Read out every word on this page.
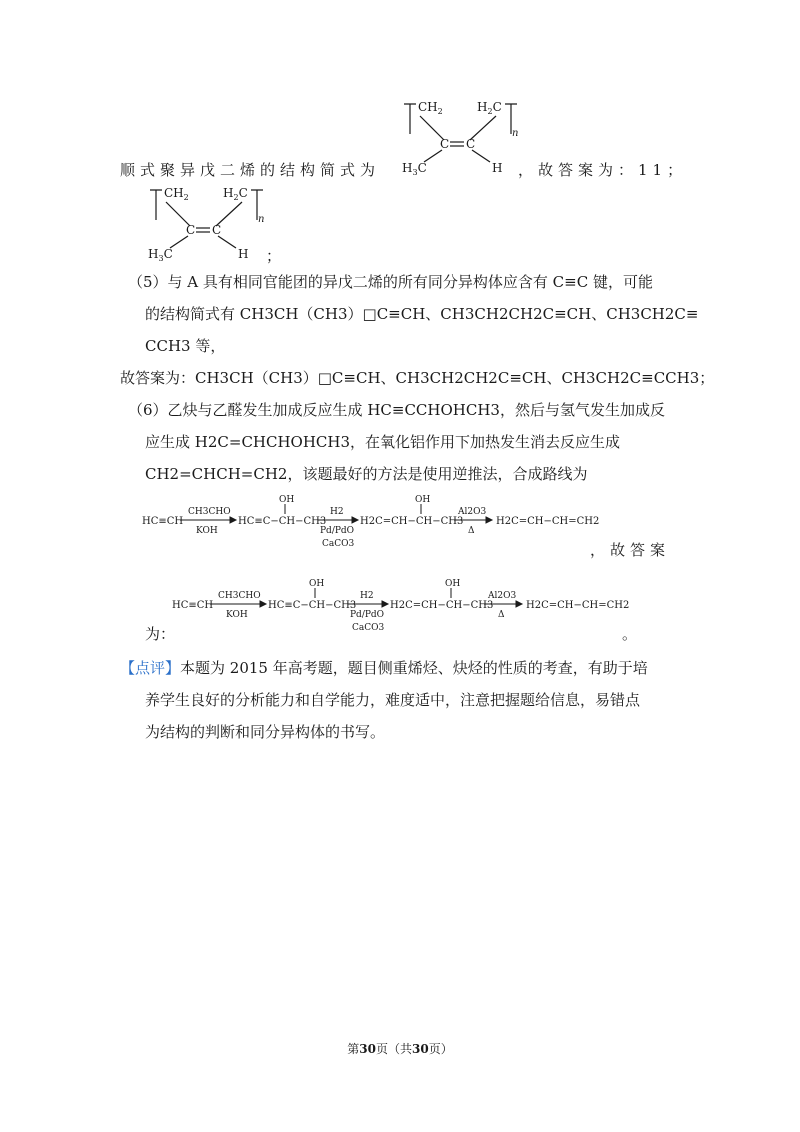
$CH_2$	$H_2C$
n
C C
$H_3C$	H
顺式聚异戊二烯的结构简式为	，故答案为：11；
$CH_2$	$H_2C$
n
C C
$H_3C$	H ；
（5）与 A 具有相同官能团的异戊二烯的所有同分异构体应含有 C≡C 键，可能
的结构简式有 CH3CH（CH3）□C≡CH、CH3CH2CH2C≡CH、CH3CH2C≡
CCH3 等，
故答案为：CH3CH（CH3）□C≡CH、CH3CH2CH2C≡CH、CH3CH2C≡CCH3；
（6）乙炔与乙醛发生加成反应生成 HC≡CCHOHCH3，然后与氢气发生加成反
应生成 H2C=CHCHOHCH3，在氧化铝作用下加热发生消去反应生成
CH2=CHCH=CH2，该题最好的方法是使用逆推法，合成路线为
HC≡CH
CH3CHO
KOH
HC≡C−CH−CH3
OH
H2
Pd/PdO
CaCO3
H2C=CH−CH−CH3
OH
Al2O3
Δ
H2C=CH−CH=CH2
，故答案
HC≡CH
CH3CHO
KOH
HC≡C−CH−CH3
OH
H2
Pd/PdO
CaCO3
H2C=CH−CH−CH3
OH
Al2O3
Δ
H2C=CH−CH=CH2
为：	。
【点评】本题为 2015 年高考题，题目侧重烯烃、炔烃的性质的考查，有助于培
养学生良好的分析能力和自学能力，难度适中，注意把握题给信息，易错点
为结构的判断和同分异构体的书写。
第30页（共30页）
